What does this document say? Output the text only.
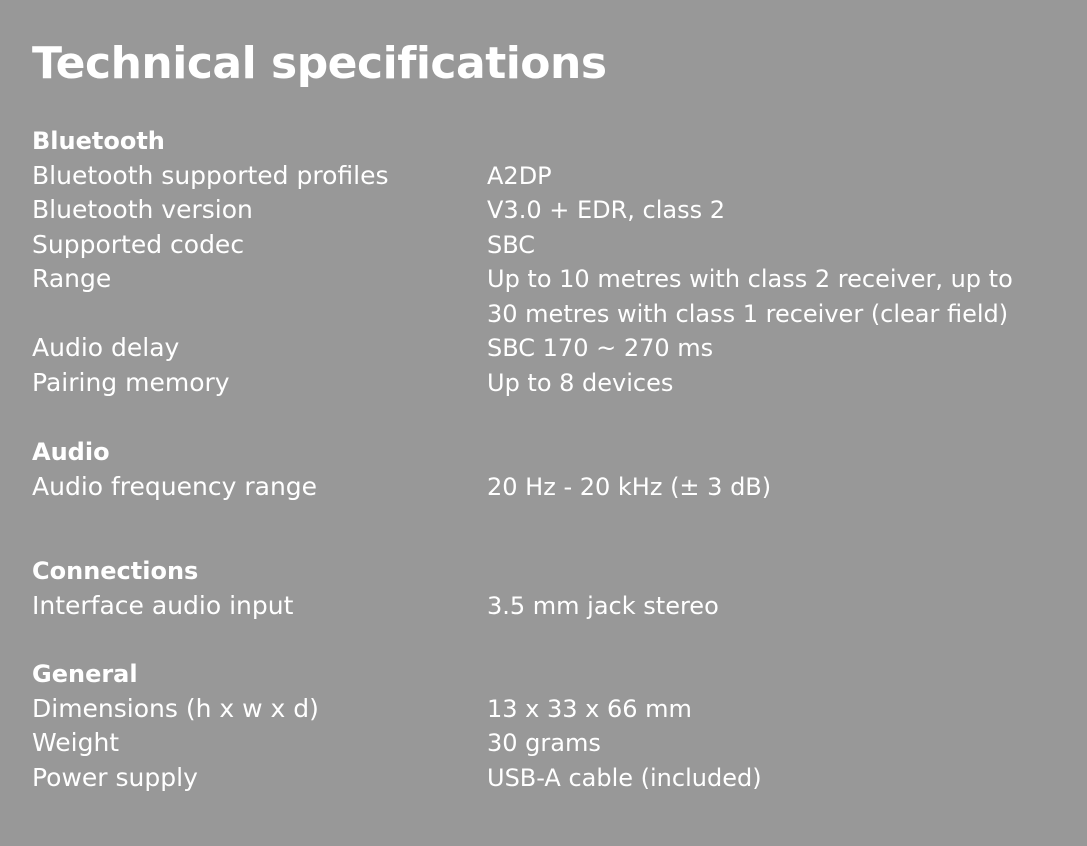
Technical specifications
Bluetooth
Bluetooth supported profiles	A2DP
Bluetooth version	V3.0 + EDR, class 2
Supported codec	SBC
Range	Up to 10 metres with class 2 receiver, up to
30 metres with class 1 receiver (clear field)
Audio delay	SBC 170 ~ 270 ms
Pairing memory	Up to 8 devices
Audio
Audio frequency range	20 Hz - 20 kHz (± 3 dB)
Connections
Interface audio input	3.5 mm jack stereo
General
Dimensions (h x w x d)	13 x 33 x 66 mm
Weight	30 grams
Power supply	USB-A cable (included)
